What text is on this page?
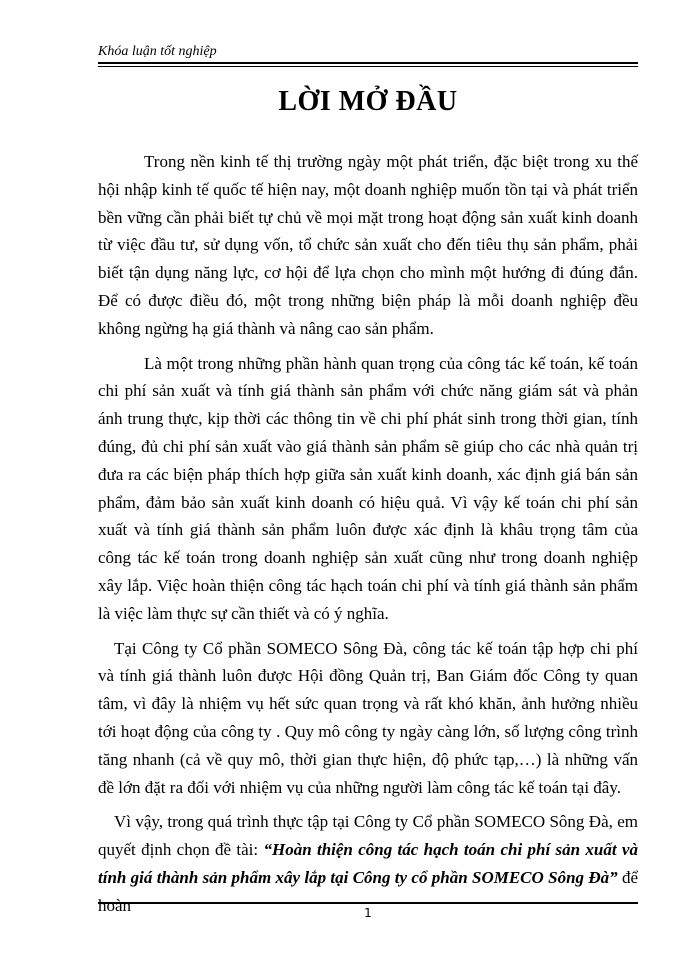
Khóa luận tốt nghiệp
LỜI MỞ ĐẦU

Trong nền kinh tế thị trường ngày một phát triển, đặc biệt trong xu thế hội nhập kinh tế quốc tế hiện nay, một doanh nghiệp muốn tồn tại và phát triển bền vững cần phải biết tự chủ về mọi mặt trong hoạt động sản xuất kinh doanh từ việc đầu tư, sử dụng vốn, tổ chức sản xuất cho đến tiêu thụ sản phẩm, phải biết tận dụng năng lực, cơ hội để lựa chọn cho mình một hướng đi đúng đắn. Để có được điều đó, một trong những biện pháp là mỗi doanh nghiệp đều không ngừng hạ giá thành và nâng cao sản phẩm.

Là một trong những phần hành quan trọng của công tác kế toán, kế toán chi phí sản xuất và tính giá thành sản phẩm với chức năng giám sát và phản ánh trung thực, kịp thời các thông tin về chi phí phát sinh trong thời gian, tính đúng, đủ chi phí sản xuất vào giá thành sản phẩm sẽ giúp cho các nhà quản trị đưa ra các biện pháp thích hợp giữa sản xuất kinh doanh, xác định giá bán sản phẩm, đảm bảo sản xuất kinh doanh có hiệu quả. Vì vậy kế toán chi phí sản xuất và tính giá thành sản phẩm luôn được xác định là khâu trọng tâm của công tác kế toán trong doanh nghiệp sản xuất cũng như trong doanh nghiệp xây lắp. Việc hoàn thiện công tác hạch toán chi phí và tính giá thành sản phẩm là việc làm thực sự cần thiết và có ý nghĩa.

Tại Công ty Cổ phần SOMECO Sông Đà, công tác kế toán tập hợp chi phí và tính giá thành luôn được Hội đồng Quản trị, Ban Giám đốc Công ty quan tâm, vì đây là nhiệm vụ hết sức quan trọng và rất khó khăn, ảnh hưởng nhiều tới hoạt động của công ty . Quy mô công ty ngày càng lớn, số lượng công trình tăng nhanh (cả về quy mô, thời gian thực hiện, độ phức tạp,…) là những vấn đề lớn đặt ra đối với nhiệm vụ của những người làm công tác kế toán tại đây.

Vì vậy, trong quá trình thực tập tại Công ty Cổ phần SOMECO Sông Đà, em quyết định chọn đề tài: “Hoàn thiện công tác hạch toán chi phí sản xuất và tính giá thành sản phẩm xây lắp tại Công ty cổ phần SOMECO Sông Đà” để hoàn	1
